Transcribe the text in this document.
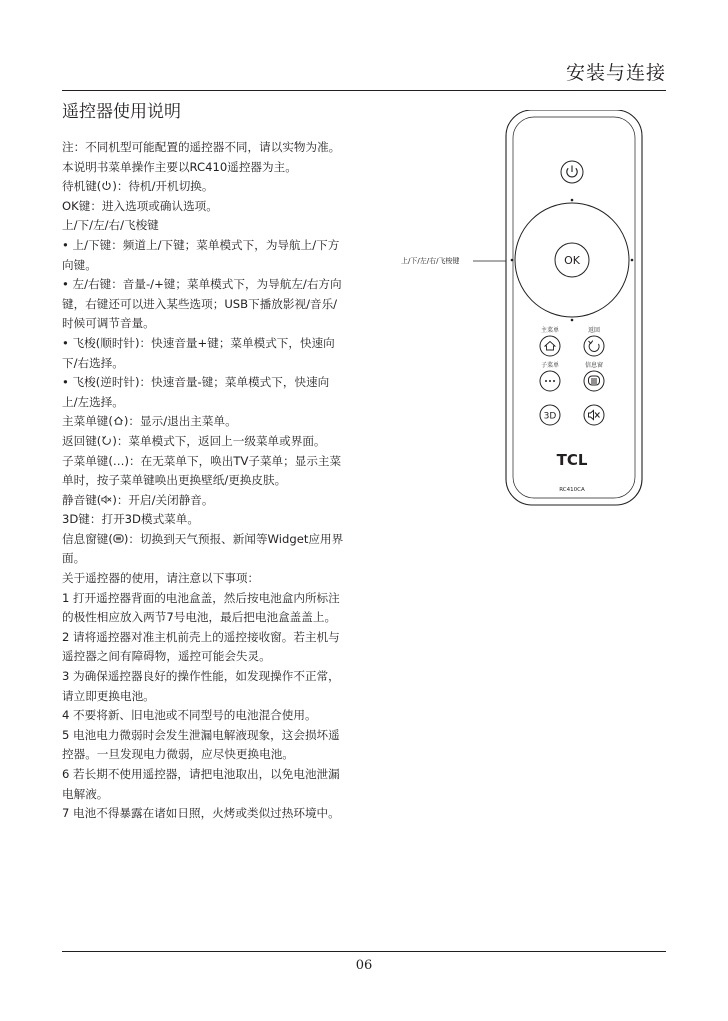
安装与连接
遥控器使用说明
注：不同机型可能配置的遥控器不同，请以实物为准。
本说明书菜单操作主要以RC410遥控器为主。
待机键( )：待机/开机切换。
OK键：进入选项或确认选项。
上/下/左/右/飞梭键
• 上/下键：频道上/下键；菜单模式下，为导航上/下方
向键。
• 左/右键：音量-/+键；菜单模式下，为导航左/右方向
键，右键还可以进入某些选项；USB下播放影视/音乐/
时候可调节音量。
• 飞梭(顺时针)：快速音量+键；菜单模式下，快速向
下/右选择。
• 飞梭(逆时针)：快速音量-键；菜单模式下，快速向
上/左选择。
主菜单键( )：显示/退出主菜单。
返回键( )：菜单模式下，返回上一级菜单或界面。
子菜单键(…)：在无菜单下，唤出TV子菜单；显示主菜
单时，按子菜单键唤出更换壁纸/更换皮肤。
静音键( )：开启/关闭静音。
3D键：打开3D模式菜单。
信息窗键( )：切换到天气预报、新闻等Widget应用界
面。
关于遥控器的使用，请注意以下事项：
1 打开遥控器背面的电池盒盖，然后按电池盒内所标注
的极性相应放入两节7号电池，最后把电池盒盖盖上。
2 请将遥控器对准主机前壳上的遥控接收窗。若主机与
遥控器之间有障碍物，遥控可能会失灵。
3 为确保遥控器良好的操作性能，如发现操作不正常，
请立即更换电池。
4 不要将新、旧电池或不同型号的电池混合使用。
5 电池电力微弱时会发生泄漏电解液现象，这会损坏遥
控器。一旦发现电力微弱，应尽快更换电池。
6 若长期不使用遥控器，请把电池取出，以免电池泄漏
电解液。
7 电池不得暴露在诸如日照，火烤或类似过热环境中。
上/下/左/右/飞梭键	OK
主菜单	返回
子菜单	信息窗
3D
TCL
RC410CA
06
